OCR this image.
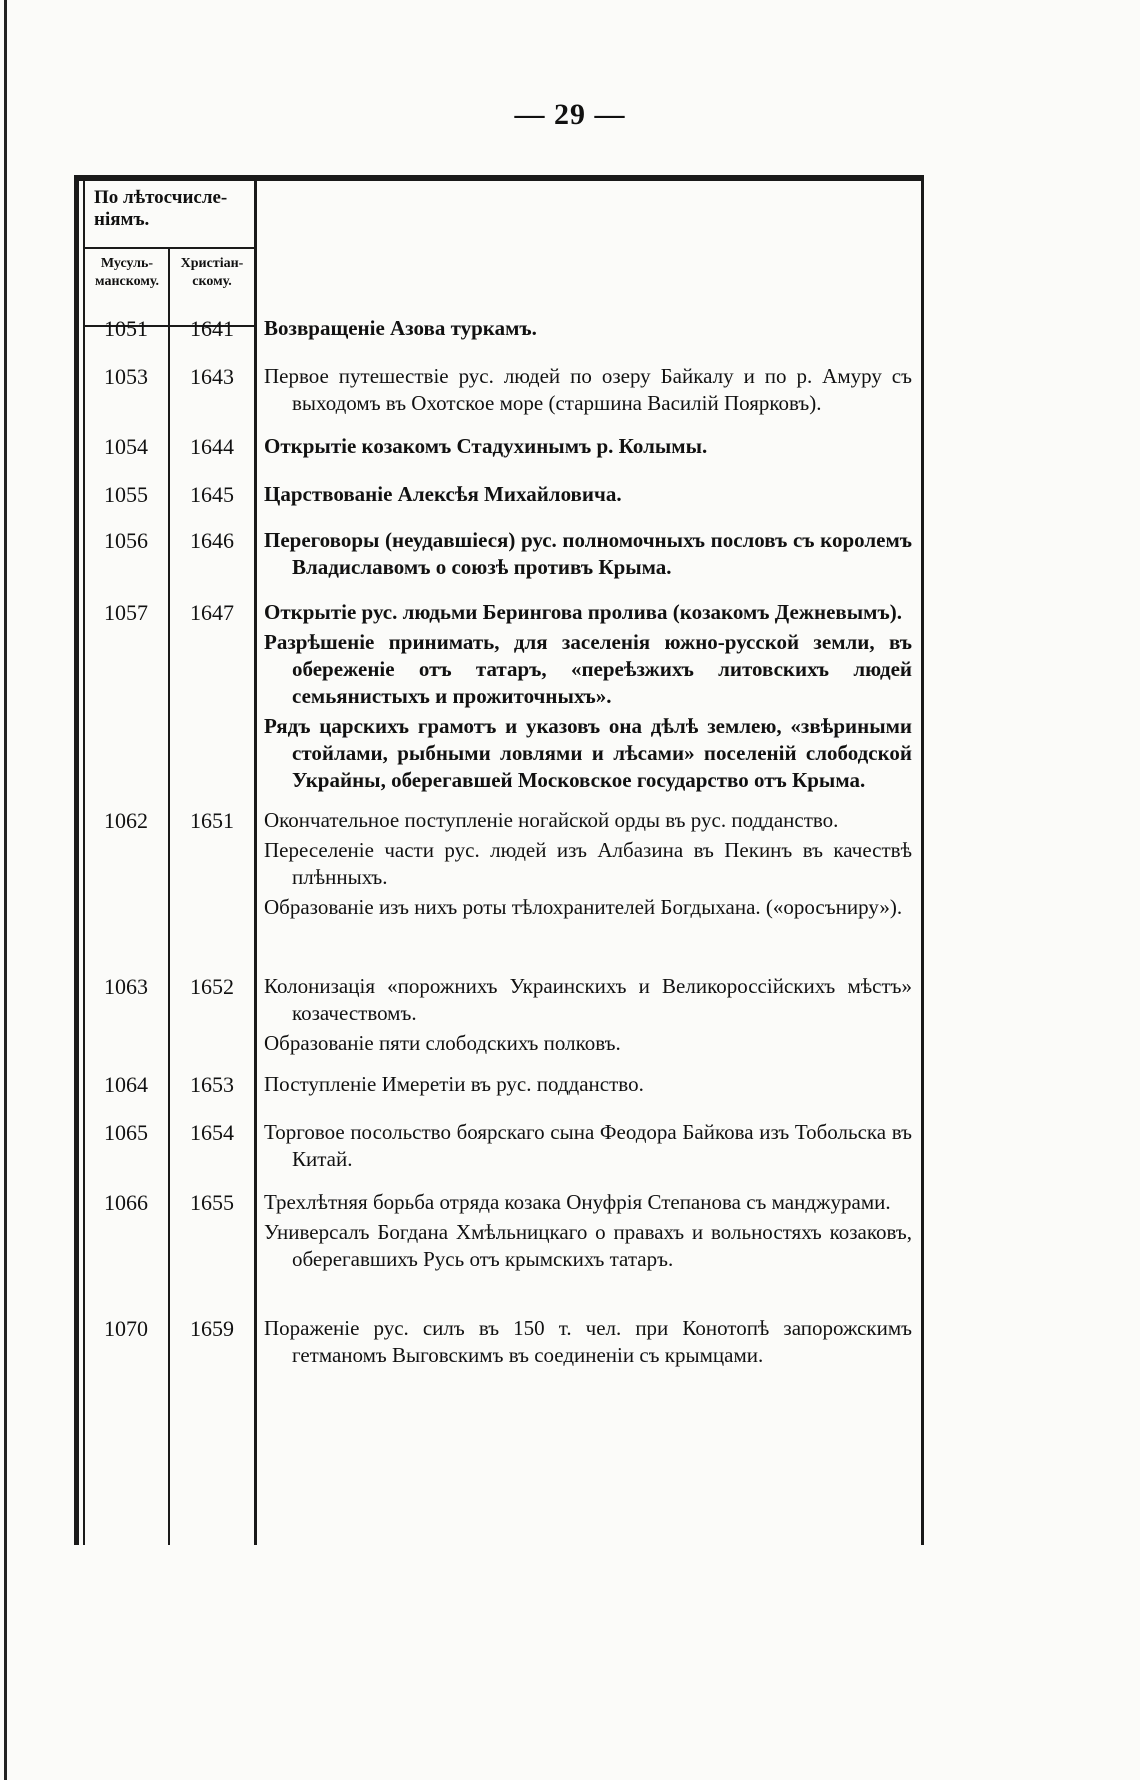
— 29 —
По лѣтосчисле-ніямъ.
Мусуль-манскому.
Христіан-скому.
1051	1641	Возвращеніе Азова туркамъ.

1053	1643	Первое путешествіе рус. людей по озеру Байкалу и по р. Амуру съ выходомъ въ Охотское море (старшина Василій Поярковъ).

1054	1644	Открытіе козакомъ Стадухинымъ р. Колымы.

1055	1645	Царствованіе Алексѣя Михайловича.

1056	1646	Переговоры (неудавшіеся) рус. полномочныхъ пословъ съ королемъ Владиславомъ о союзѣ противъ Крыма.

1057	1647	Открытіе рус. людьми Берингова пролива (козакомъ Дежневымъ).

Разрѣшеніе принимать, для заселенія южно-русской земли, въ обереженіе отъ татаръ, «переѣзжихъ литовскихъ людей семьянистыхъ и прожиточныхъ».

Рядъ царскихъ грамотъ и указовъ она дѣлѣ землею, «звѣриными стойлами, рыбными ловлями и лѣсами» поселеній слободской Украйны, оберегавшей Московское государство отъ Крыма.

1062	1651	Окончательное поступленіе ногайской орды въ рус. подданство.

Переселеніе части рус. людей изъ Албазина въ Пекинъ въ качествѣ плѣнныхъ.

Образованіе изъ нихъ роты тѣлохранителей Богдыхана. («оросъниру»).

1063	1652	Колонизація «порожнихъ Украинскихъ и Великороссійскихъ мѣстъ» козачествомъ.

Образованіе пяти слободскихъ полковъ.

1064	1653	Поступленіе Имеретіи въ рус. подданство.

1065	1654	Торговое посольство боярскаго сына Феодора Байкова изъ Тобольска въ Китай.

1066	1655	Трехлѣтняя борьба отряда козака Онуфрія Степанова съ манджурами.

Универсалъ Богдана Хмѣльницкаго о правахъ и вольностяхъ козаковъ, оберегавшихъ Русь отъ крымскихъ татаръ.

1070	1659	Пораженіе рус. силъ въ 150 т. чел. при Конотопѣ запорожскимъ гетманомъ Выговскимъ въ соединеніи съ крымцами.
